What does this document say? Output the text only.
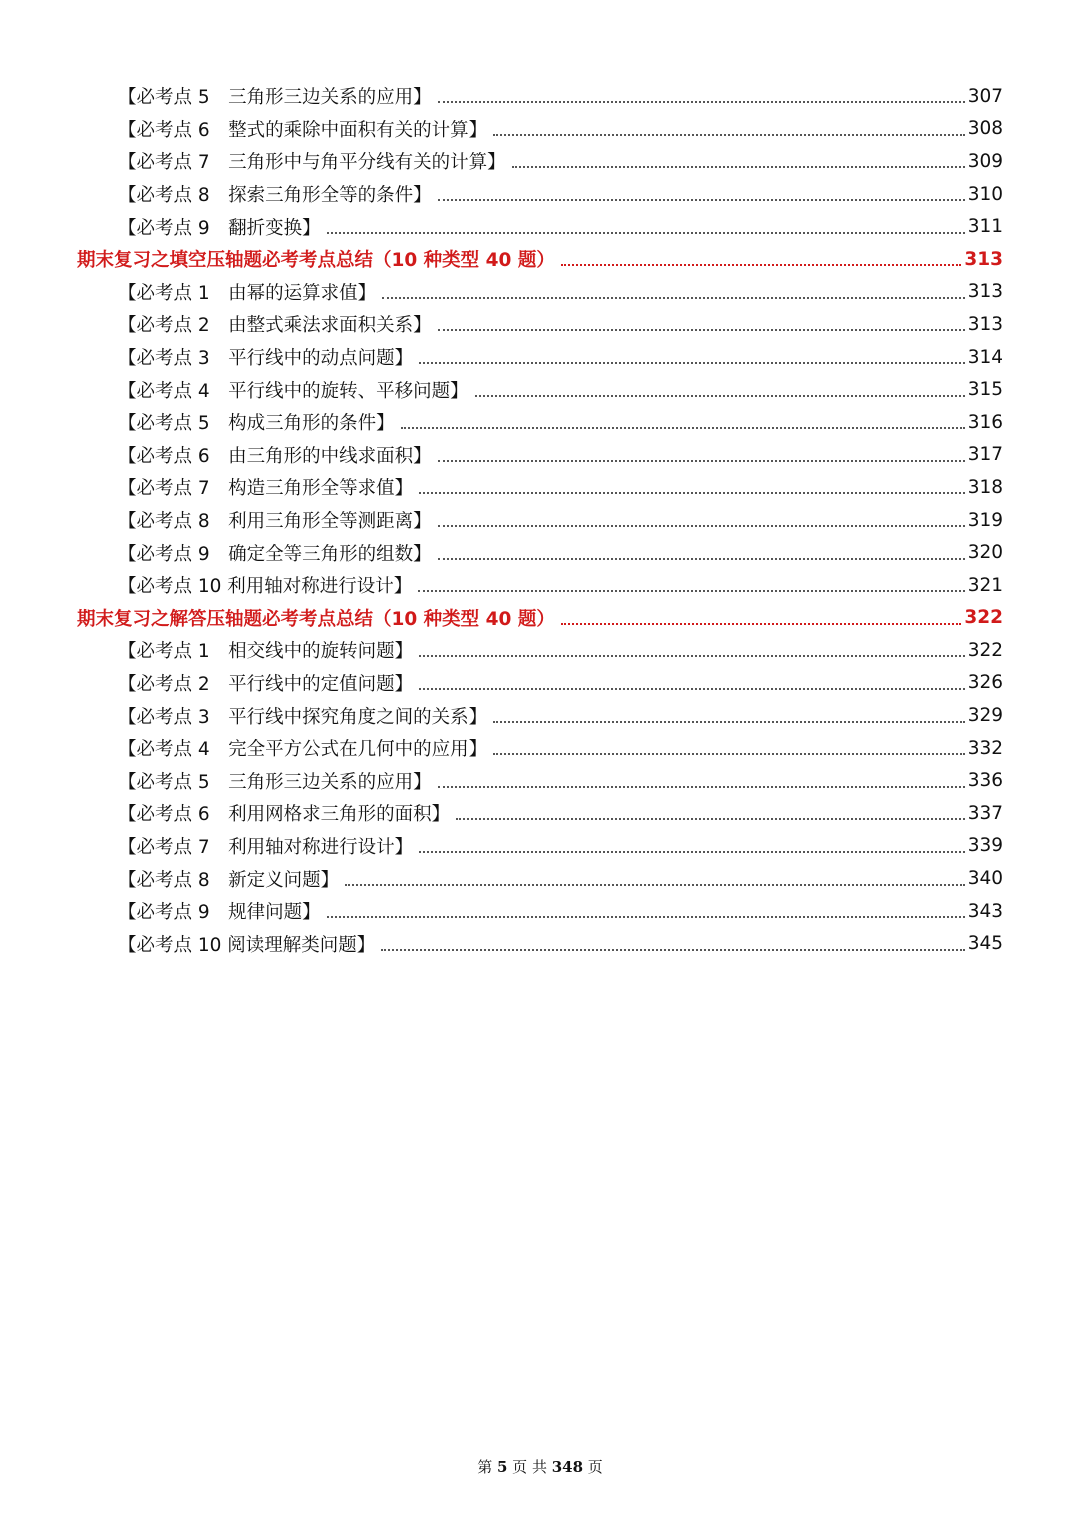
【必考点 5　三角形三边关系的应用】	307
【必考点 6　整式的乘除中面积有关的计算】	308
【必考点 7　三角形中与角平分线有关的计算】	309
【必考点 8　探索三角形全等的条件】	310
【必考点 9　翻折变换】	311
期末复习之填空压轴题必考考点总结（10 种类型 40 题）	313
【必考点 1　由幂的运算求值】	313
【必考点 2　由整式乘法求面积关系】	313
【必考点 3　平行线中的动点问题】	314
【必考点 4　平行线中的旋转、平移问题】	315
【必考点 5　构成三角形的条件】	316
【必考点 6　由三角形的中线求面积】	317
【必考点 7　构造三角形全等求值】	318
【必考点 8　利用三角形全等测距离】	319
【必考点 9　确定全等三角形的组数】	320
【必考点 10 利用轴对称进行设计】	321
期末复习之解答压轴题必考考点总结（10 种类型 40 题）	322
【必考点 1　相交线中的旋转问题】	322
【必考点 2　平行线中的定值问题】	326
【必考点 3　平行线中探究角度之间的关系】	329
【必考点 4　完全平方公式在几何中的应用】	332
【必考点 5　三角形三边关系的应用】	336
【必考点 6　利用网格求三角形的面积】	337
【必考点 7　利用轴对称进行设计】	339
【必考点 8　新定义问题】	340
【必考点 9　规律问题】	343
【必考点 10 阅读理解类问题】	345
第 5 页 共 348 页
